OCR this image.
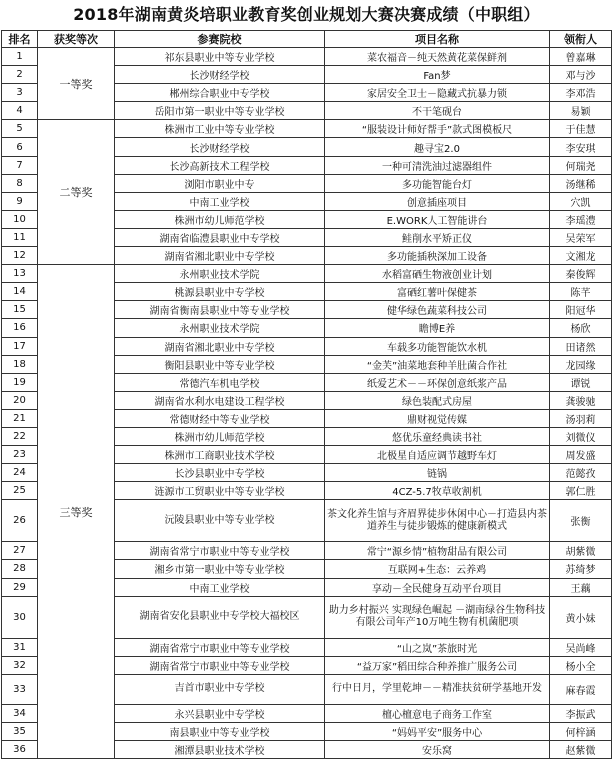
2018年湖南黄炎培职业教育奖创业规划大赛决赛成绩（中职组）
排名	获奖等次	参赛院校	项目名称	领衔人
1	一等奖	祁东县职业中等专业学校	菜农福音－纯天然黄花菜保鲜剂	曾嘉琳
2		长沙财经学校	Fan梦	邓与沙
3		郴州综合职业中专学校	家居安全卫士－隐藏式抗暴力锁	李邓浩
4		岳阳市第一职业中等专业学校	不干笔砚台	易颖
5	二等奖	株洲市工业中等专业学校	“服装设计师好帮手”款式图模板尺	于佳慧
6		长沙财经学校	趣寻宝2.0	李安琪
7		长沙高新技术工程学校	一种可清洗油过滤器组件	何瑞尧
8		浏阳市职业中专	多功能智能台灯	汤继稀
9		中南工业学校	创意插座项目	穴凯
10		株洲市幼儿师范学校	E.WORK人工智能讲台	李瑶澧
11		湖南省临澧县职业中专学校	鲑削水平矫正仪	吴荣军
12		湖南省湘北职业中专学校	多功能插秧深加工设备	文湘龙
13	三等奖	永州职业技术学院	水稻富硒生物液创业计划	秦俊辉
14		桃源县职业中专学校	富硒红薯叶保健茶	陈芊
15		湖南省衡南县职业中等专业学校	健华绿色蔬菜科技公司	阳冠华
16		永州职业技术学院	瞻博E养	杨欣
17		湖南省湘北职业中专学校	车载多功能智能饮水机	田诸然
18		衡阳县职业中等专业学校	“金芙”油菜地套种羊肚菌合作社	龙园缘
19		常德汽车机电学校	纸爱艺术－－环保创意纸浆产品	谭锐
20		湖南省水利水电建设工程学校	绿色装配式房屋	龚骏驰
21		常德财经中等专业学校	鼎财视觉传媒	汤羽莉
22		株洲市幼儿师范学校	悠优乐童经典读书社	刘微仪
23		株洲市工商职业技术学校	北极星自适应调节越野车灯	周发盛
24		长沙县职业中专学校	链锅	范懿孜
25		涟源市工贸职业中等专业学校	4CZ-5.7牧草收割机	郭仁胜
26		沅陵县职业中等专业学校	茶文化养生馆与齐眉界徒步休闲中心－打造县内茶道养生与徒步锻炼的健康新模式	张衡
27		湖南省常宁市职业中等专业学校	常宁“源乡情”植物甜品有限公司	胡紫微
28		湘乡市第一职业中等专业学校	互联网+生态：云养鸡	苏绮梦
29		中南工业学校	享动－全民健身互动平台项目	王藕
30		湖南省安化县职业中专学校大福校区	助力乡村振兴 实现绿色崛起 －湖南绿谷生物科技有限公司年产10万吨生物有机菌肥项	黄小妹
31		湖南省常宁市职业中等专业学校	“山之岚”茶旅时光	吴尚峰
32		湖南省常宁市职业中等专业学校	“益万家”稻田综合种养推广服务公司	杨小全
33		吉首市职业中专学校	行中日月，学里乾坤－－精准扶贫研学基地开发	麻春霞
34		永兴县职业中专学校	檀心檀意电子商务工作室	李振武
35		南县职业中等专业学校	“妈妈平安”服务中心	何梓涵
36		湘潭县职业技术学校	安乐窝	赵紫微
